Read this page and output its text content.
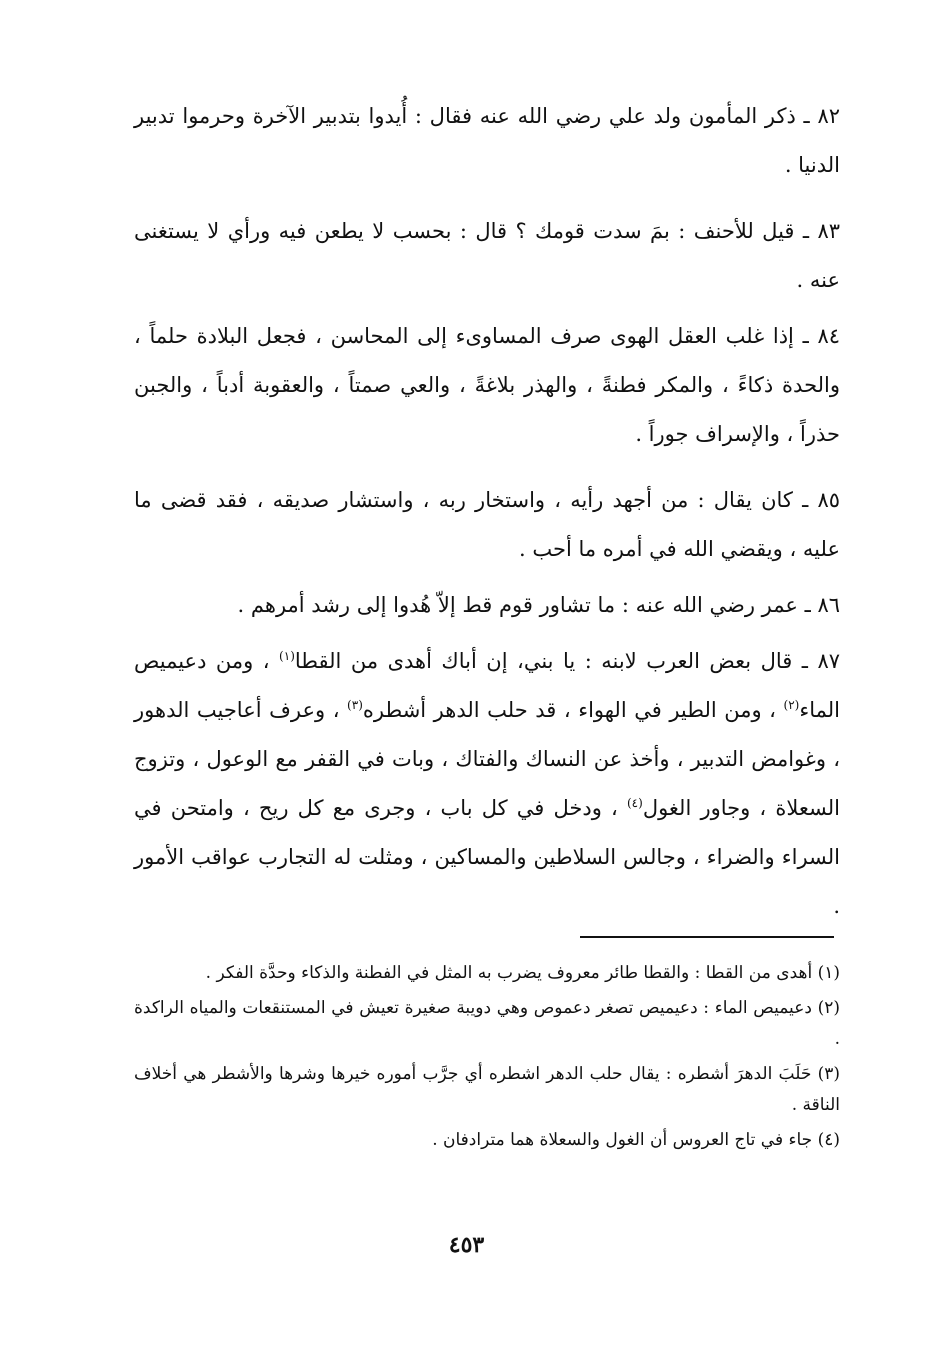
٨٢ ـ ذكر المأمون ولد علي رضي الله عنه فقال : أُيدوا بتدبير الآخرة وحرموا تدبير الدنيا .

٨٣ ـ قيل للأحنف : بمَ سدت قومك ؟ قال : بحسب لا يطعن فيه ورأي لا يستغنى عنه .

٨٤ ـ إذا غلب العقل الهوى صرف المساوىء إلى المحاسن ، فجعل البلادة حلماً ، والحدة ذكاءً ، والمكر فطنةً ، والهذر بلاغةً ، والعي صمتاً ، والعقوبة أدباً ، والجبن حذراً ، والإسراف جوراً .

٨٥ ـ كان يقال : من أجهد رأيه ، واستخار ربه ، واستشار صديقه ، فقد قضى ما عليه ، ويقضي الله في أمره ما أحب .

٨٦ ـ عمر رضي الله عنه : ما تشاور قوم قط إلاّ هُدوا إلى رشد أمرهم .

٨٧ ـ قال بعض العرب لابنه : يا بني، إن أباك أهدى من القطا$^{(١)}$ ، ومن دعيميص الماء$^{(٢)}$ ، ومن الطير في الهواء ، قد حلب الدهر أشطره$^{(٣)}$ ، وعرف أعاجيب الدهور ، وغوامض التدبير ، وأخذ عن النساك والفتاك ، وبات في القفر مع الوعول ، وتزوج السعلاة ، وجاور الغول$^{(٤)}$ ، ودخل في كل باب ، وجرى مع كل ريح ، وامتحن في السراء والضراء ، وجالس السلاطين والمساكين ، ومثلت له التجارب عواقب الأمور .

(١) أهدى من القطا : والقطا طائر معروف يضرب به المثل في الفطنة والذكاء وحدَّة الفكر .

(٢) دعيميص الماء : دعيميص تصغر دعموص وهي دويبة صغيرة تعيش في المستنقعات والمياه الراكدة .

(٣) حَلَبَ الدهرَ أشطره : يقال حلب الدهر اشطره أي جرَّب أموره خيرها وشرها والأشطر هي أخلاف الناقة .

(٤) جاء في تاج العروس أن الغول والسعلاة هما مترادفان .

٤٥٣
